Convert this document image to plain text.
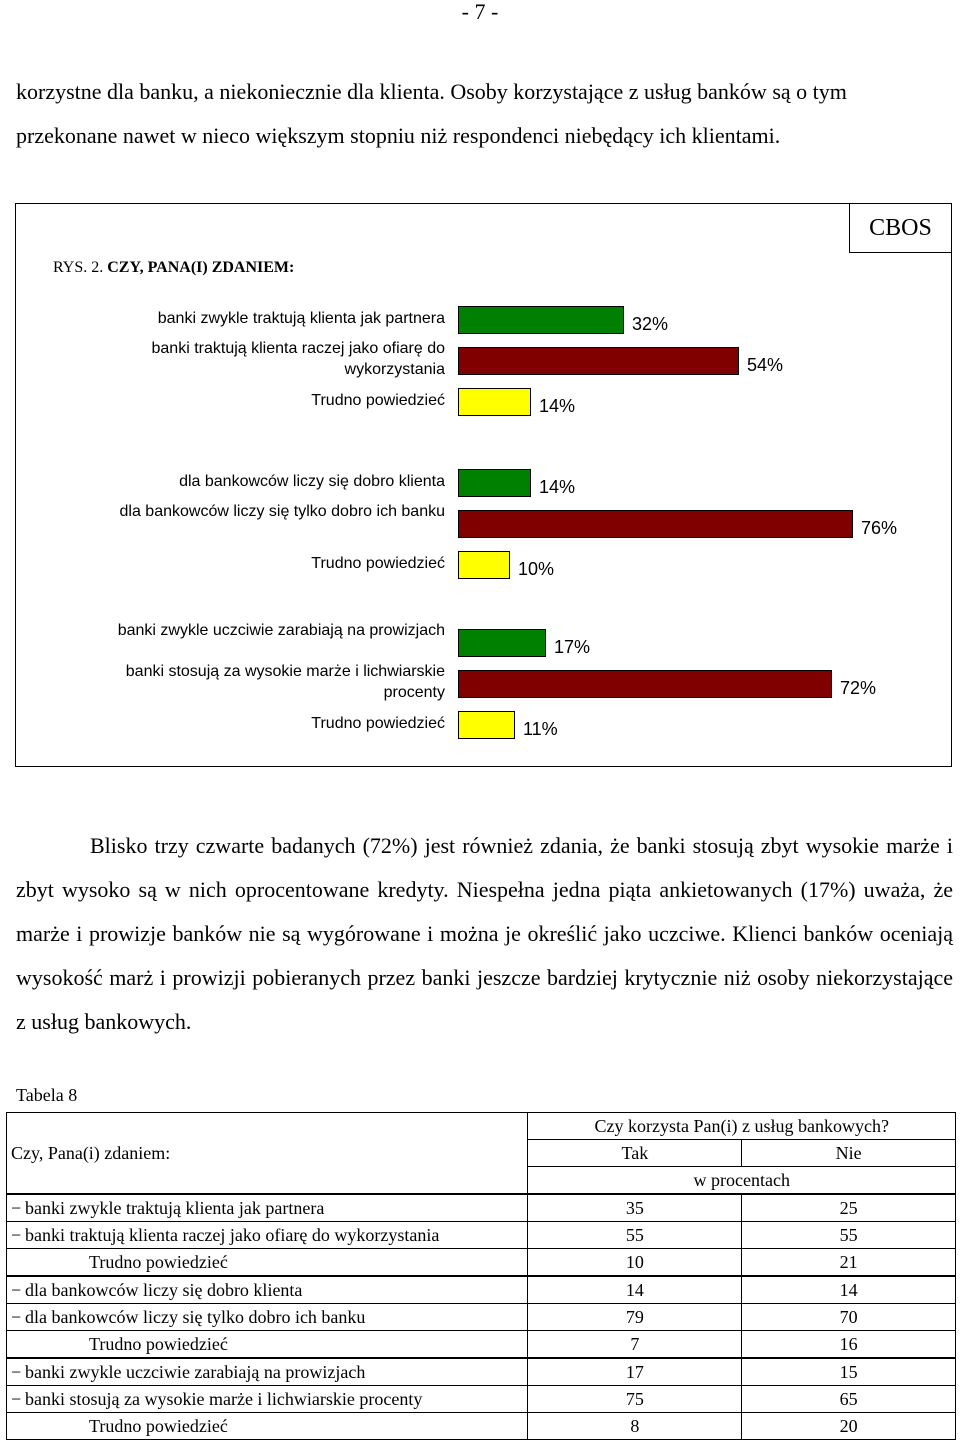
- 7 -

korzystne dla banku, a niekoniecznie dla klienta. Osoby korzystające z usług banków są o tym przekonane nawet w nieco większym stopniu niż respondenci niebędący ich klientami.

CBOS
RYS. 2. CZY, PANA(I) ZDANIEM:
banki zwykle traktują klienta jak partnera	32%
banki traktują klienta raczej jako ofiarę do wykorzystania	54%
Trudno powiedzieć	14%
dla bankowców liczy się dobro klienta	14%
dla bankowców liczy się tylko dobro ich banku
76%
Trudno powiedzieć	10%
banki zwykle uczciwie zarabiają na prowizjach
17%
banki stosują za wysokie marże i lichwiarskie procenty	72%
Trudno powiedzieć	11%

Blisko trzy czwarte badanych (72%) jest również zdania, że banki stosują zbyt wysokie marże i zbyt wysoko są w nich oprocentowane kredyty. Niespełna jedna piąta ankietowanych (17%) uważa, że marże i prowizje banków nie są wygórowane i można je określić jako uczciwe. Klienci banków oceniają wysokość marż i prowizji pobieranych przez banki jeszcze bardziej krytycznie niż osoby niekorzystające z usług bankowych.

Tabela 8
Czy, Pana(i) zdaniem:	Czy korzysta Pan(i) z usług bankowych?	
	Tak	Nie
	w procentach	
− banki zwykle traktują klienta jak partnera	35	25
− banki traktują klienta raczej jako ofiarę do wykorzystania	55	55
Trudno powiedzieć	10	21
− dla bankowców liczy się dobro klienta	14	14
− dla bankowców liczy się tylko dobro ich banku	79	70
Trudno powiedzieć	7	16
− banki zwykle uczciwie zarabiają na prowizjach	17	15
− banki stosują za wysokie marże i lichwiarskie procenty	75	65
Trudno powiedzieć	8	20
